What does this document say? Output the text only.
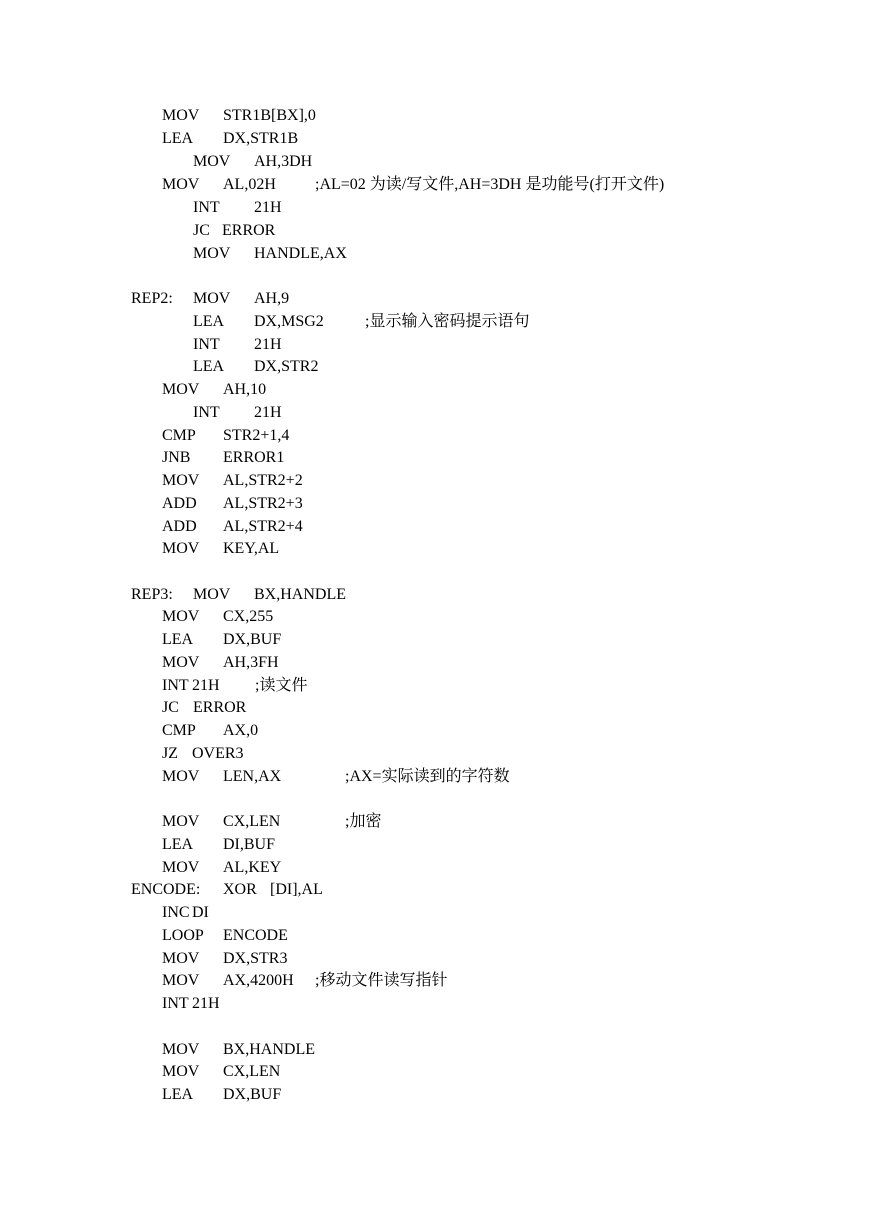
MOV STR1B[BX],0
LEA DX,STR1B
MOV AH,3DH
MOV AL,02H ;AL=02 为读/写文件,AH=3DH 是功能号(打开文件)
INT 21H
JC ERROR
MOV HANDLE,AX
REP2: MOV AH,9
LEA DX,MSG2	;显示输入密码提示语句
INT 21H
LEA DX,STR2
MOV AH,10
INT 21H
CMP STR2+1,4
JNB ERROR1
MOV AL,STR2+2
ADD AL,STR2+3
ADD AL,STR2+4
MOV KEY,AL
REP3: MOV BX,HANDLE
MOV CX,255
LEA DX,BUF
MOV AH,3FH
INT 21H ;读文件
JC ERROR
CMP AX,0
JZ OVER3
MOV LEN,AX	;AX=实际读到的字符数
MOV CX,LEN	;加密
LEA DI,BUF
MOV AL,KEY
ENCODE: XOR [DI],AL
INC DI
LOOP ENCODE
MOV DX,STR3
MOV AX,4200H ;移动文件读写指针
INT 21H
MOV BX,HANDLE
MOV CX,LEN
LEA DX,BUF
